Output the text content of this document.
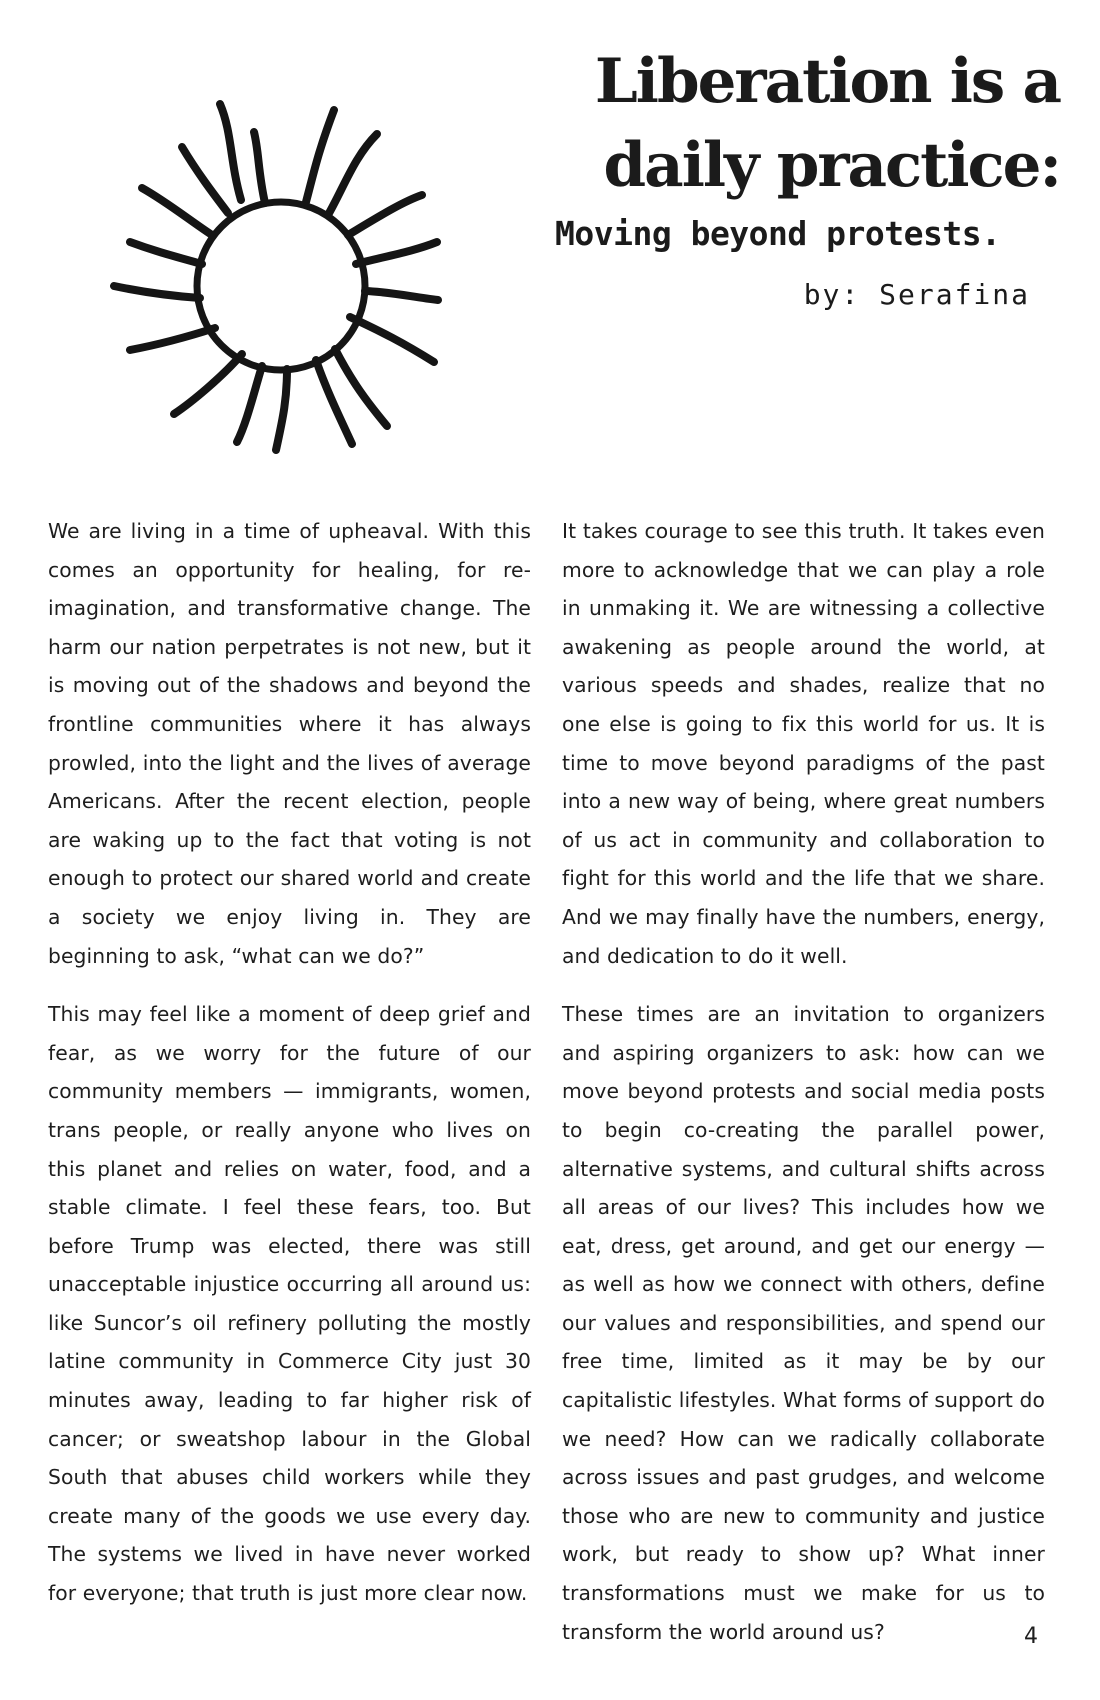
Liberation is a
daily practice:
Moving beyond protests.
by: Serafina

We are living in a time of upheaval. With this comes an opportunity for healing, for re-imagination, and transformative change. The harm our nation perpetrates is not new, but it is moving out of the shadows and beyond the frontline communities where it has always prowled, into the light and the lives of average Americans. After the recent election, people are waking up to the fact that voting is not enough to protect our shared world and create a society we enjoy living in. They are beginning to ask, “what can we do?”

This may feel like a moment of deep grief and fear, as we worry for the future of our community members — immigrants, women, trans people, or really anyone who lives on this planet and relies on water, food, and a stable climate. I feel these fears, too. But before Trump was elected, there was still unacceptable injustice occurring all around us: like Suncor’s oil refinery polluting the mostly latine community in Commerce City just 30 minutes away, leading to far higher risk of cancer; or sweatshop labour in the Global South that abuses child workers while they create many of the goods we use every day. The systems we lived in have never worked for everyone; that truth is just more clear now.

It takes courage to see this truth. It takes even more to acknowledge that we can play a role in unmaking it. We are witnessing a collective awakening as people around the world, at various speeds and shades, realize that no one else is going to fix this world for us. It is time to move beyond paradigms of the past into a new way of being, where great numbers of us act in community and collaboration to fight for this world and the life that we share. And we may finally have the numbers, energy, and dedication to do it well.

These times are an invitation to organizers and aspiring organizers to ask: how can we move beyond protests and social media posts to begin co-creating the parallel power, alternative systems, and cultural shifts across all areas of our lives? This includes how we eat, dress, get around, and get our energy — as well as how we connect with others, define our values and responsibilities, and spend our free time, limited as it may be by our capitalistic lifestyles. What forms of support do we need? How can we radically collaborate across issues and past grudges, and welcome those who are new to community and justice work, but ready to show up? What inner transformations must we make for us to transform the world around us?	4
